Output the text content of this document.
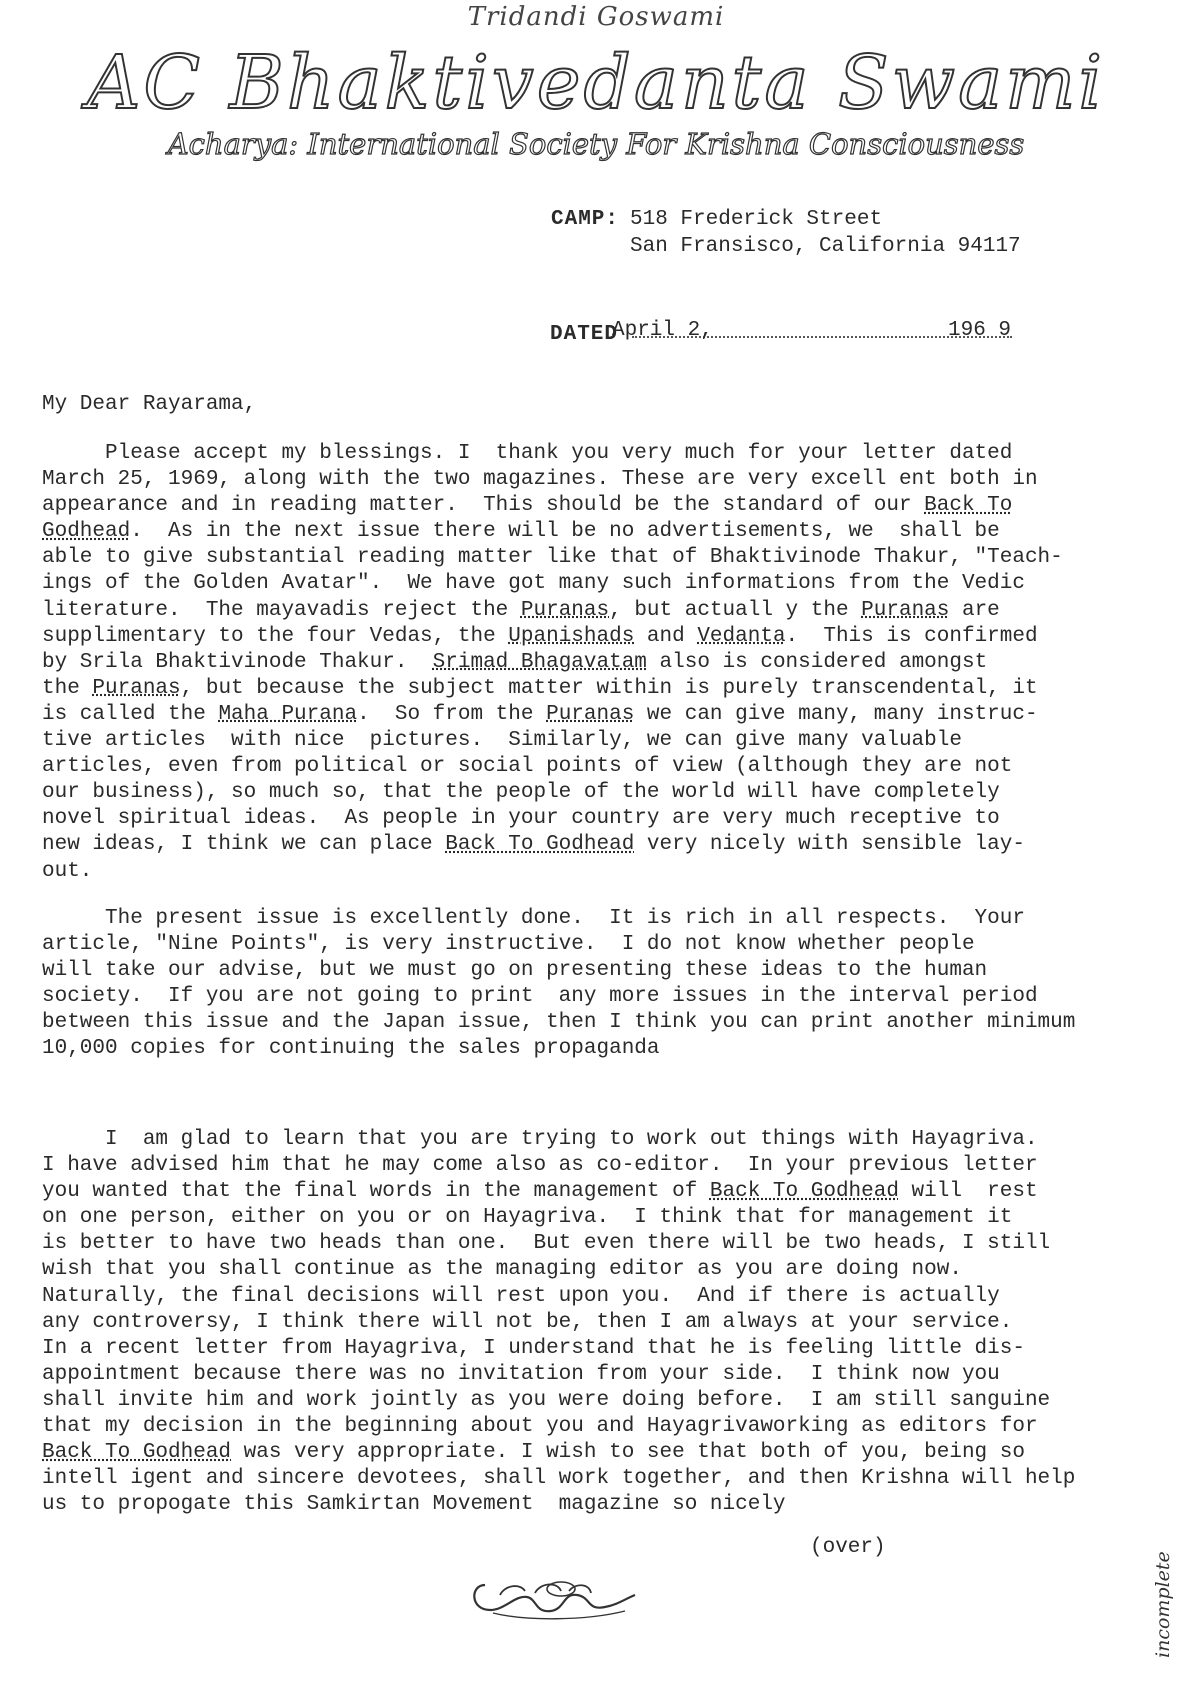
Tridandi Goswami
AC Bhaktivedanta Swami
Acharya: International Society For Krishna Consciousness
CAMP: 518 Frederick Street
San Fransisco, California 94117
DATED
April 2,	196 9
My Dear Rayarama,
Please accept my blessings. I  thank you very much for your letter dated
March 25, 1969, along with the two magazines. These are very excell ent both in
appearance and in reading matter.  This should be the standard of our Back To
Godhead.  As in the next issue there will be no advertisements, we  shall be
able to give substantial reading matter like that of Bhaktivinode Thakur, "Teach-
ings of the Golden Avatar".  We have got many such informations from the Vedic
literature.  The mayavadis reject the Puranas, but actuall y the Puranas are
supplimentary to the four Vedas, the Upanishads and Vedanta.  This is confirmed
by Srila Bhaktivinode Thakur.  Srimad Bhagavatam also is considered amongst
the Puranas, but because the subject matter within is purely transcendental, it
is called the Maha Purana.  So from the Puranas we can give many, many instruc-
tive articles  with nice  pictures.  Similarly, we can give many valuable
articles, even from political or social points of view (although they are not
our business), so much so, that the people of the world will have completely
novel spiritual ideas.  As people in your country are very much receptive to
new ideas, I think we can place Back To Godhead very nicely with sensible lay-
out.
The present issue is excellently done.  It is rich in all respects.  Your
article, "Nine Points", is very instructive.  I do not know whether people
will take our advise, but we must go on presenting these ideas to the human
society.  If you are not going to print  any more issues in the interval period
between this issue and the Japan issue, then I think you can print another minimum
10,000 copies for continuing the sales propaganda
I  am glad to learn that you are trying to work out things with Hayagriva.
I have advised him that he may come also as co-editor.  In your previous letter
you wanted that the final words in the management of Back To Godhead will  rest
on one person, either on you or on Hayagriva.  I think that for management it
is better to have two heads than one.  But even there will be two heads, I still
wish that you shall continue as the managing editor as you are doing now.
Naturally, the final decisions will rest upon you.  And if there is actually
any controversy, I think there will not be, then I am always at your service.
In a recent letter from Hayagriva, I understand that he is feeling little dis-
appointment because there was no invitation from your side.  I think now you
shall invite him and work jointly as you were doing before.  I am still sanguine
that my decision in the beginning about you and Hayagrivaworking as editors for
Back To Godhead was very appropriate. I wish to see that both of you, being so
intell igent and sincere devotees, shall work together, and then Krishna will help
us to propogate this Samkirtan Movement  magazine so nicely
(over)
incomplete
